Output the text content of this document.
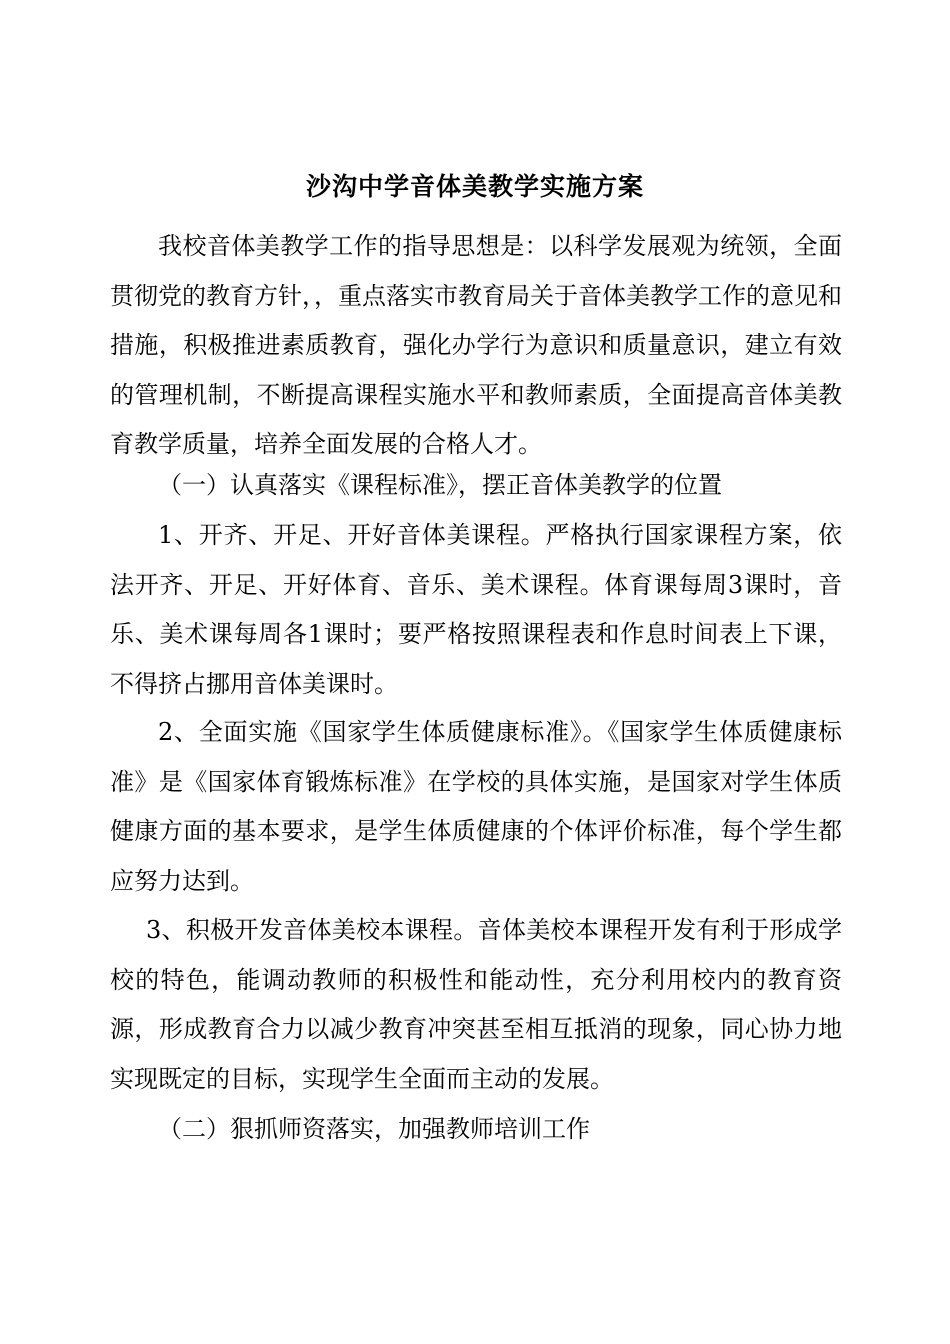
沙沟中学音体美教学实施方案

我校音体美教学工作的指导思想是：以科学发展观为统领，全面贯彻党的教育方针，，重点落实市教育局关于音体美教学工作的意见和措施，积极推进素质教育，强化办学行为意识和质量意识，建立有效的管理机制，不断提高课程实施水平和教师素质，全面提高音体美教育教学质量，培养全面发展的合格人才。

（一）认真落实《课程标准》，摆正音体美教学的位置

1、开齐、开足、开好音体美课程。严格执行国家课程方案，依法开齐、开足、开好体育、音乐、美术课程。体育课每周3课时，音乐、美术课每周各1课时；要严格按照课程表和作息时间表上下课，不得挤占挪用音体美课时。

2、全面实施《国家学生体质健康标准》。《国家学生体质健康标准》是《国家体育锻炼标准》在学校的具体实施，是国家对学生体质健康方面的基本要求，是学生体质健康的个体评价标准，每个学生都应努力达到。

3、积极开发音体美校本课程。音体美校本课程开发有利于形成学校的特色，能调动教师的积极性和能动性，充分利用校内的教育资源，形成教育合力以减少教育冲突甚至相互抵消的现象，同心协力地实现既定的目标，实现学生全面而主动的发展。

（二）狠抓师资落实，加强教师培训工作
